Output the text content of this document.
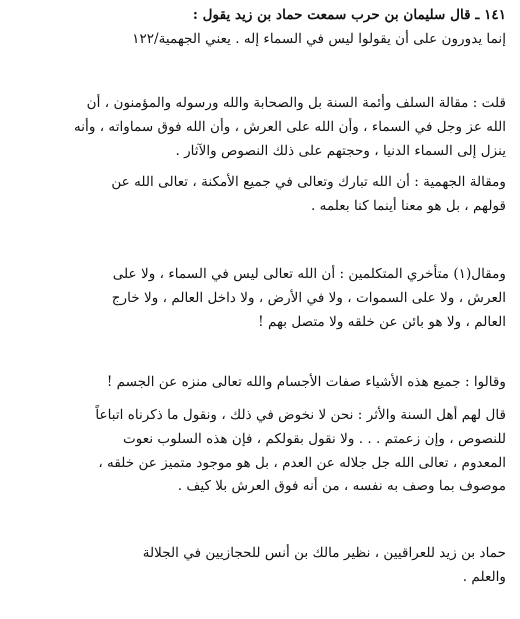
١٤١ ـ قال سليمان بن حرب سمعت حماد بن زيد يقول :
إنما يدورون على أن يقولوا ليس في السماء إله . يعني الجهمية/١٢٢
قلت : مقالة السلف وأئمة السنة بل والصحابة والله ورسوله والمؤمنون ، أن
الله عز وجل في السماء ، وأن الله على العرش ، وأن الله فوق سماواته ، وأنه
ينزل إلى السماء الدنيا ، وحجتهم على ذلك النصوص والآثار .
ومقالة الجهمية : أن الله تبارك وتعالى في جميع الأمكنة ، تعالى الله عن
قولهم ، بل هو معنا أينما كنا بعلمه .
ومقال(١) متأخري المتكلمين : أن الله تعالى ليس في السماء ، ولا على
العرش ، ولا على السموات ، ولا في الأرض ، ولا داخل العالم ، ولا خارج
العالم ، ولا هو بائن عن خلقه ولا متصل بهم !
وقالوا : جميع هذه الأشياء صفات الأجسام والله تعالى منزه عن الجسم !
قال لهم أهل السنة والأثر : نحن لا نخوض في ذلك ، ونقول ما ذكرناه اتباعاً
للنصوص ، وإن زعمتم . . . ولا نقول بقولكم ، فإن هذه السلوب نعوت
المعدوم ، تعالى الله جل جلاله عن العدم ، بل هو موجود متميز عن خلقه ،
موصوف بما وصف به نفسه ، من أنه فوق العرش بلا كيف .
حماد بن زيد للعراقيين ، نظير مالك بن أنس للحجازيين في الجلالة
والعلم .
